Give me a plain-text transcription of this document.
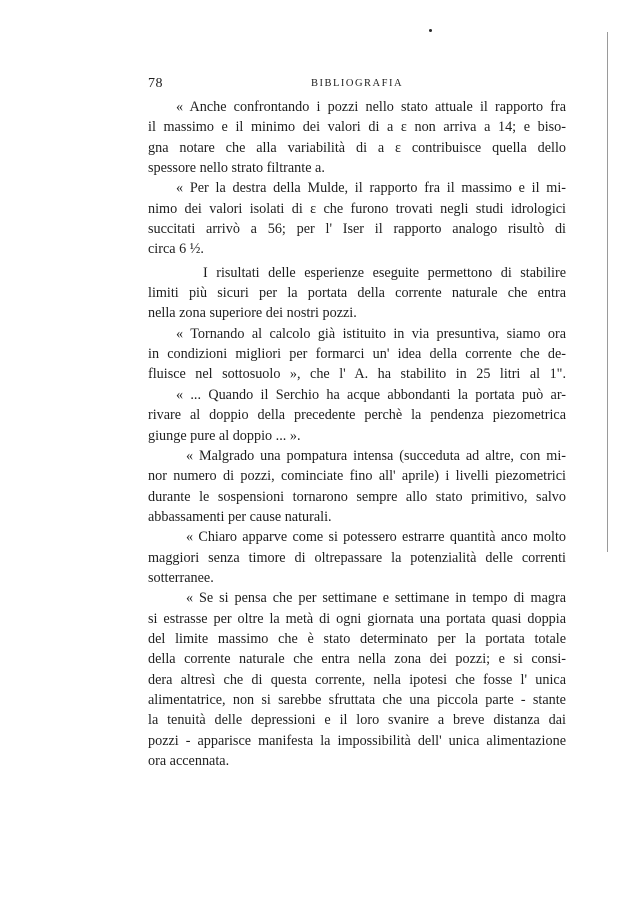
78	BIBLIOGRAFIA
« Anche confrontando i pozzi nello stato attuale il rapporto fra
il massimo e il minimo dei valori di a ε non arriva a 14; e biso-
gna notare che alla variabilità di a ε contribuisce quella dello
spessore nello strato filtrante a.
« Per la destra della Mulde, il rapporto fra il massimo e il mi-
nimo dei valori isolati di ε che furono trovati negli studi idrologici
succitati arrivò a 56; per l' Iser il rapporto analogo risultò di
circa 6 ½.
I risultati delle esperienze eseguite permettono di stabilire
limiti più sicuri per la portata della corrente naturale che entra
nella zona superiore dei nostri pozzi.
« Tornando al calcolo già istituito in via presuntiva, siamo ora
in condizioni migliori per formarci un' idea della corrente che de-
fluisce nel sottosuolo », che l' A. ha stabilito in 25 litri al 1".
« ... Quando il Serchio ha acque abbondanti la portata può ar-
rivare al doppio della precedente perchè la pendenza piezometrica
giunge pure al doppio ... ».
« Malgrado una pompatura intensa (succeduta ad altre, con mi-
nor numero di pozzi, cominciate fino all' aprile) i livelli piezometrici
durante le sospensioni tornarono sempre allo stato primitivo, salvo
abbassamenti per cause naturali.
« Chiaro apparve come si potessero estrarre quantità anco molto
maggiori senza timore di oltrepassare la potenzialità delle correnti
sotterranee.
« Se si pensa che per settimane e settimane in tempo di magra
si estrasse per oltre la metà di ogni giornata una portata quasi doppia
del limite massimo che è stato determinato per la portata totale
della corrente naturale che entra nella zona dei pozzi; e si consi-
dera altresì che di questa corrente, nella ipotesi che fosse l' unica
alimentatrice, non si sarebbe sfruttata che una piccola parte - stante
la tenuità delle depressioni e il loro svanire a breve distanza dai
pozzi - apparisce manifesta la impossibilità dell' unica alimentazione
ora accennata.
